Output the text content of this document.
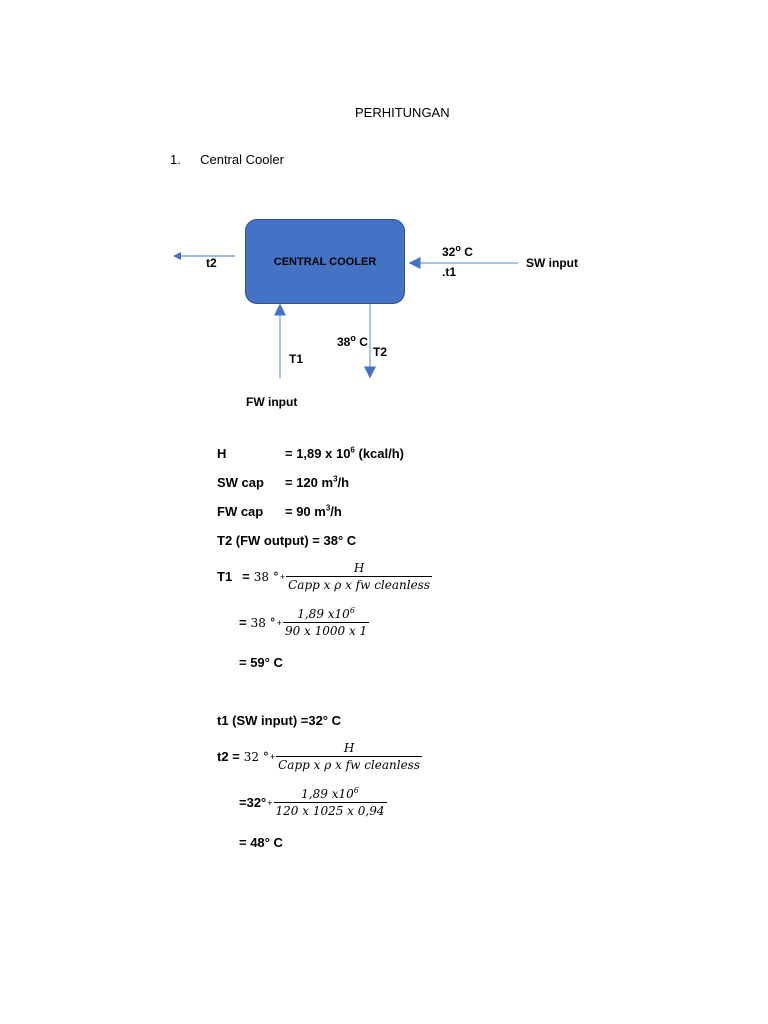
PERHITUNGAN
1. Central Cooler
CENTRAL COOLER
t2
32$^o$ C
.t1
SW input
38$^o$ C
T2
T1
FW input
H	= 1,89 x $10^6$ (kcal/h)
SW cap = 120 $m^3/h$
FW cap = 90 $m^3/h$
T2 (FW output) = 38° C
T1 = 38 ° + $\frac{H}{\text{Capp x ρ x fw cleanless}}$
= 38 ° + $\frac{1,89 x10^6}{90 x 1000 x 1}$
= 59° C
t1 (SW input) =32° C
t2 = 32 ° + $\frac{H}{\text{Capp x ρ x fw cleanless}}$
$=32^\circ + \frac{1,89 x10^6}{120 x 1025 x 0,94}$
= 48° C
